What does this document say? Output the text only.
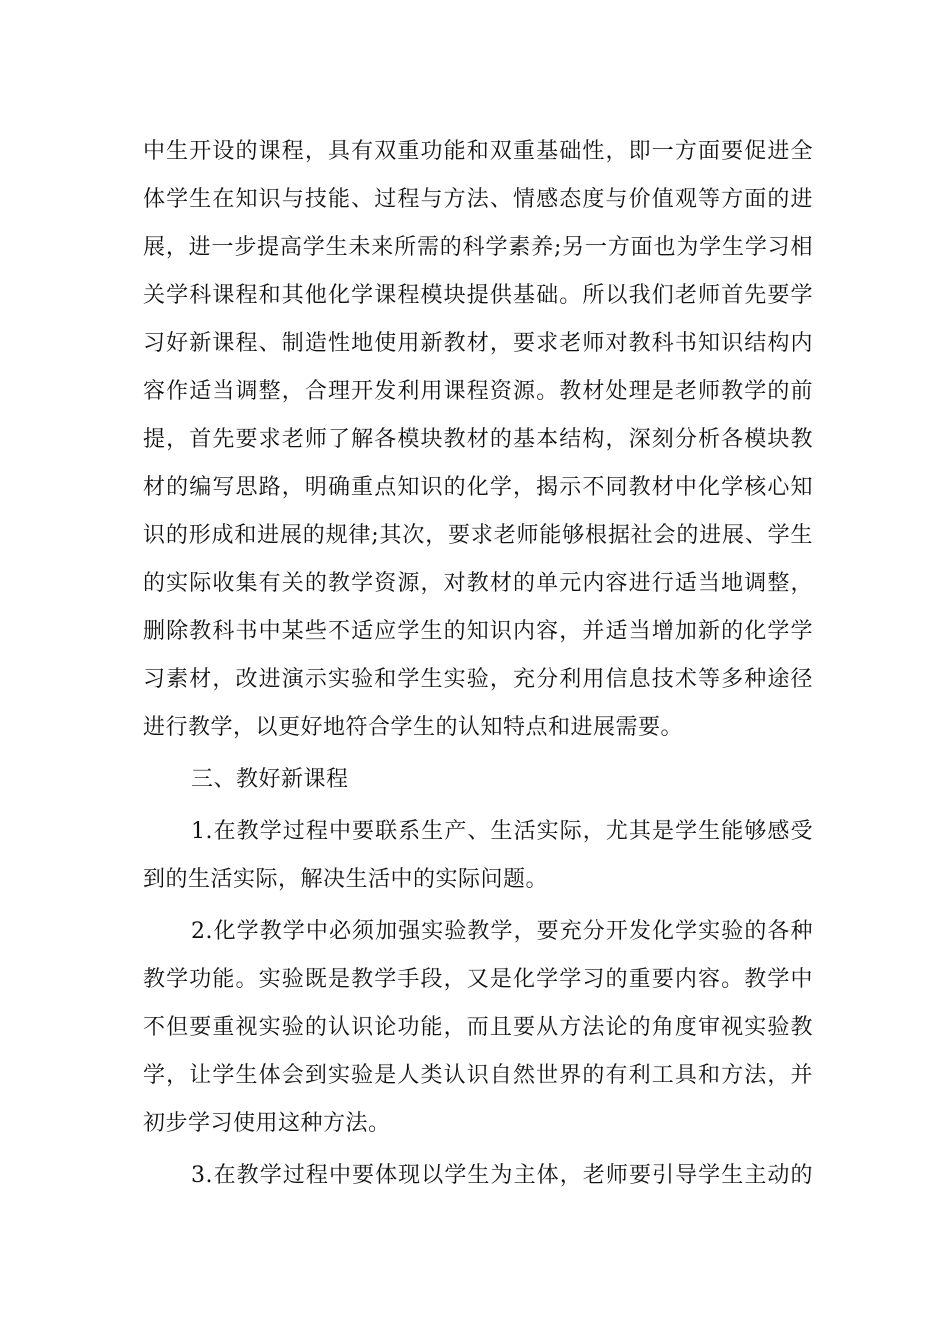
中生开设的课程，具有双重功能和双重基础性，即一方面要促进全
体学生在知识与技能、过程与方法、情感态度与价值观等方面的进
展，进一步提高学生未来所需的科学素养;另一方面也为学生学习相
关学科课程和其他化学课程模块提供基础。所以我们老师首先要学
习好新课程、制造性地使用新教材，要求老师对教科书知识结构内
容作适当调整，合理开发利用课程资源。教材处理是老师教学的前
提，首先要求老师了解各模块教材的基本结构，深刻分析各模块教
材的编写思路，明确重点知识的化学，揭示不同教材中化学核心知
识的形成和进展的规律;其次，要求老师能够根据社会的进展、学生
的实际收集有关的教学资源，对教材的单元内容进行适当地调整，
删除教科书中某些不适应学生的知识内容，并适当增加新的化学学
习素材，改进演示实验和学生实验，充分利用信息技术等多种途径
进行教学，以更好地符合学生的认知特点和进展需要。
三、教好新课程
1.在教学过程中要联系生产、生活实际，尤其是学生能够感受
到的生活实际，解决生活中的实际问题。
2.化学教学中必须加强实验教学，要充分开发化学实验的各种
教学功能。实验既是教学手段，又是化学学习的重要内容。教学中
不但要重视实验的认识论功能，而且要从方法论的角度审视实验教
学，让学生体会到实验是人类认识自然世界的有利工具和方法，并
初步学习使用这种方法。
3.在教学过程中要体现以学生为主体，老师要引导学生主动的
